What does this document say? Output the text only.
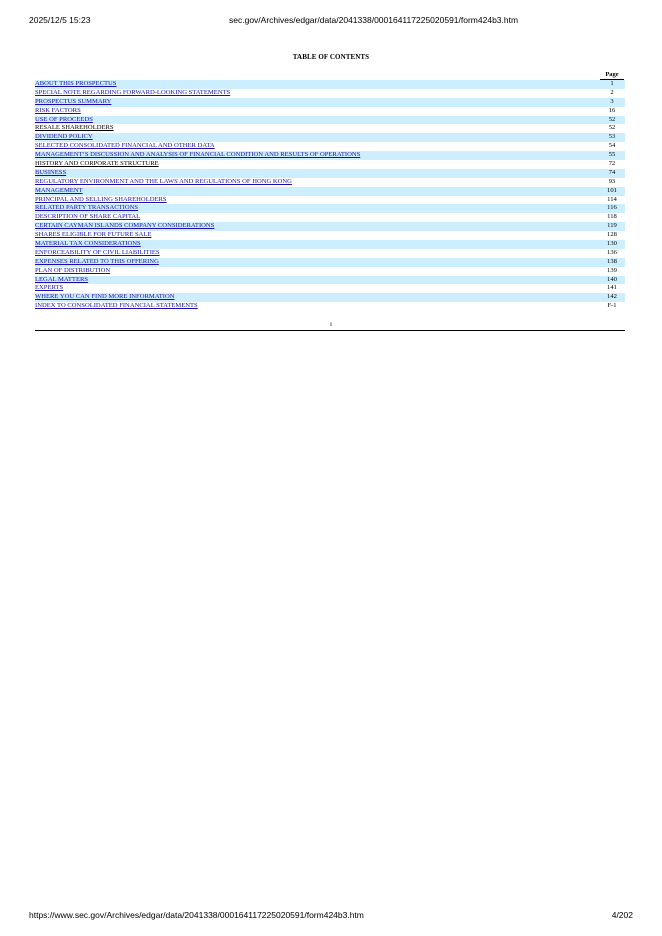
2025/12/5 15:23	sec.gov/Archives/edgar/data/2041338/000164117225020591/form424b3.htm
TABLE OF CONTENTS
Page
ABOUT THIS PROSPECTUS	1
SPECIAL NOTE REGARDING FORWARD-LOOKING STATEMENTS	2
PROSPECTUS SUMMARY	3
RISK FACTORS	16
USE OF PROCEEDS	52
RESALE SHAREHOLDERS	52
DIVIDEND POLICY	53
SELECTED CONSOLIDATED FINANCIAL AND OTHER DATA	54
MANAGEMENT’S DISCUSSION AND ANALYSIS OF FINANCIAL CONDITION AND RESULTS OF OPERATIONS	55
HISTORY AND CORPORATE STRUCTURE	72
BUSINESS	74
REGULATORY ENVIRONMENT AND THE LAWS AND REGULATIONS OF HONG KONG	93
MANAGEMENT	101
PRINCIPAL AND SELLING SHAREHOLDERS	114
RELATED PARTY TRANSACTIONS	116
DESCRIPTION OF SHARE CAPITAL	118
CERTAIN CAYMAN ISLANDS COMPANY CONSIDERATIONS	119
SHARES ELIGIBLE FOR FUTURE SALE	128
MATERIAL TAX CONSIDERATIONS	130
ENFORCEABILITY OF CIVIL LIABILITIES	136
EXPENSES RELATED TO THIS OFFERING	138
PLAN OF DISTRIBUTION	139
LEGAL MATTERS	140
EXPERTS	141
WHERE YOU CAN FIND MORE INFORMATION	142
INDEX TO CONSOLIDATED FINANCIAL STATEMENTS	F-1
i
https://www.sec.gov/Archives/edgar/data/2041338/000164117225020591/form424b3.htm	4/202
